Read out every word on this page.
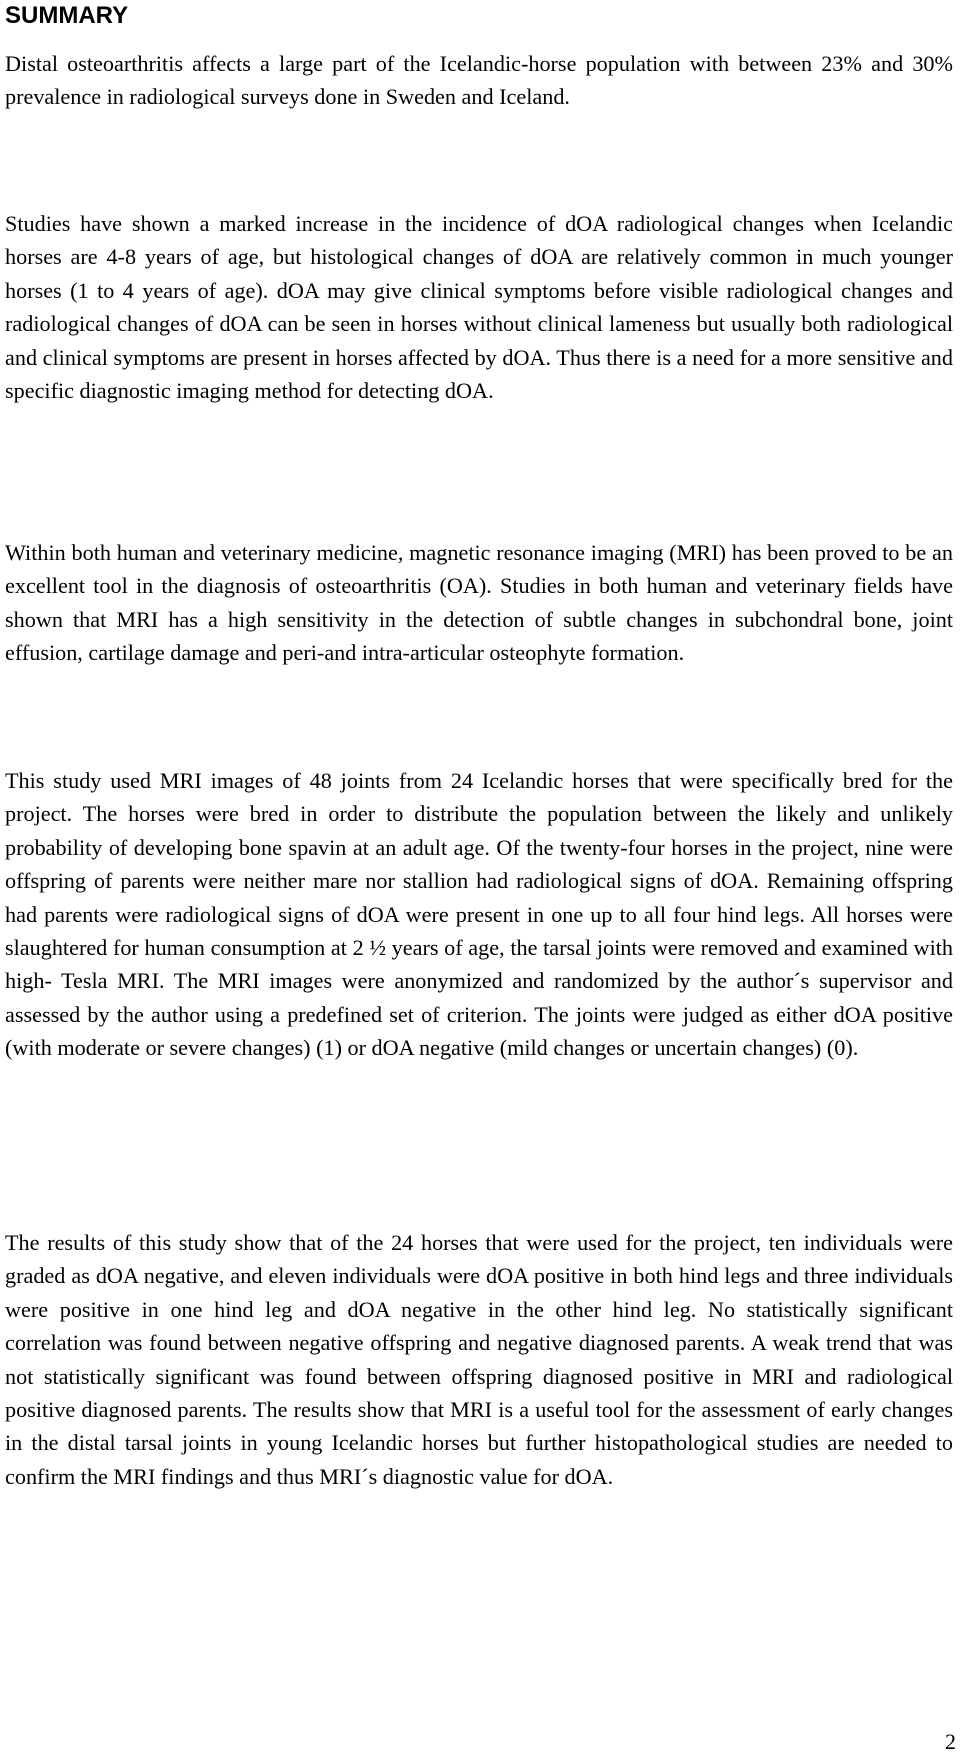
SUMMARY

Distal osteoarthritis affects a large part of the Icelandic-horse population with between 23% and 30% prevalence in radiological surveys done in Sweden and Iceland.

Studies have shown a marked increase in the incidence of dOA radiological changes when Icelandic horses are 4-8 years of age, but histological changes of dOA are relatively common in much younger horses (1 to 4 years of age). dOA may give clinical symptoms before visible radiological changes and radiological changes of dOA can be seen in horses without clinical lameness but usually both radiological and clinical symptoms are present in horses affected by dOA. Thus there is a need for a more sensitive and specific diagnostic imaging method for detecting dOA.

Within both human and veterinary medicine, magnetic resonance imaging (MRI) has been proved to be an excellent tool in the diagnosis of osteoarthritis (OA). Studies in both human and veterinary fields have shown that MRI has a high sensitivity in the detection of subtle changes in subchondral bone, joint effusion, cartilage damage and peri-and intra-articular osteophyte formation.

This study used MRI images of 48 joints from 24 Icelandic horses that were specifically bred for the project. The horses were bred in order to distribute the population between the likely and unlikely probability of developing bone spavin at an adult age. Of the twenty-four horses in the project, nine were offspring of parents were neither mare nor stallion had radiological signs of dOA. Remaining offspring had parents were radiological signs of dOA were present in one up to all four hind legs. All horses were slaughtered for human consumption at 2 ½ years of age, the tarsal joints were removed and examined with high- Tesla MRI. The MRI images were anonymized and randomized by the author´s supervisor and assessed by the author using a predefined set of criterion. The joints were judged as either dOA positive (with moderate or severe changes) (1) or dOA negative (mild changes or uncertain changes) (0).

The results of this study show that of the 24 horses that were used for the project, ten individuals were graded as dOA negative, and eleven individuals were dOA positive in both hind legs and three individuals were positive in one hind leg and dOA negative in the other hind leg. No statistically significant correlation was found between negative offspring and negative diagnosed parents. A weak trend that was not statistically significant was found between offspring diagnosed positive in MRI and radiological positive diagnosed parents. The results show that MRI is a useful tool for the assessment of early changes in the distal tarsal joints in young Icelandic horses but further histopathological studies are needed to confirm the MRI findings and thus MRI´s diagnostic value for dOA.

2
